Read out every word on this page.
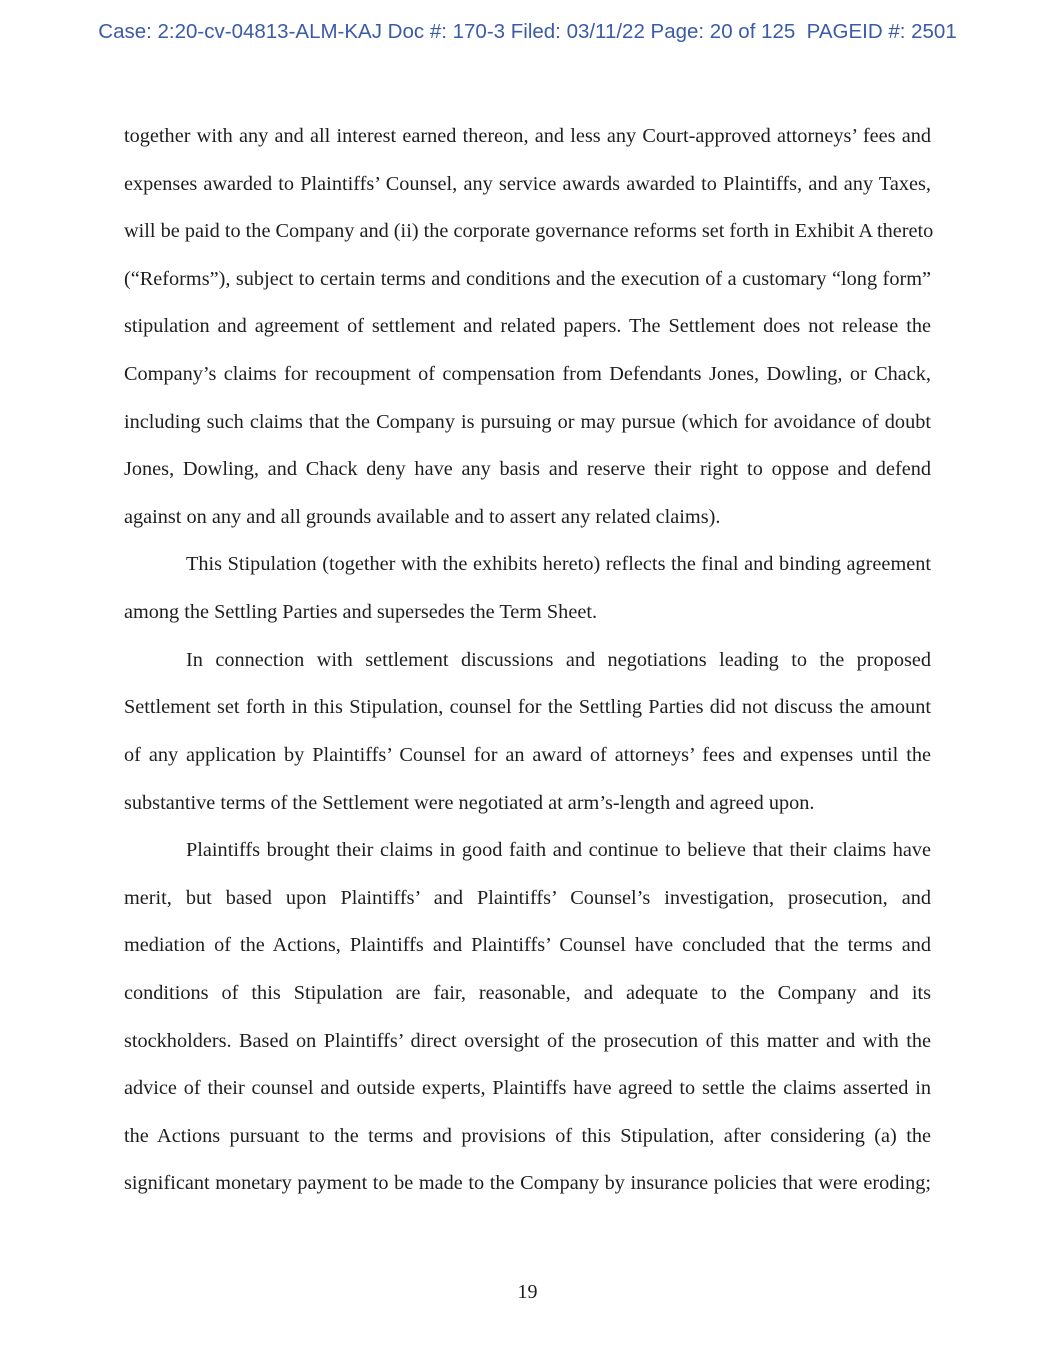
Case: 2:20-cv-04813-ALM-KAJ Doc #: 170-3 Filed: 03/11/22 Page: 20 of 125  PAGEID #: 2501
together with any and all interest earned thereon, and less any Court-approved attorneys’ fees and
expenses awarded to Plaintiffs’ Counsel, any service awards awarded to Plaintiffs, and any Taxes,
will be paid to the Company and (ii) the corporate governance reforms set forth in Exhibit A thereto
(“Reforms”), subject to certain terms and conditions and the execution of a customary “long form”
stipulation and agreement of settlement and related papers. The Settlement does not release the
Company’s claims for recoupment of compensation from Defendants Jones, Dowling, or Chack,
including such claims that the Company is pursuing or may pursue (which for avoidance of doubt
Jones, Dowling, and Chack deny have any basis and reserve their right to oppose and defend
against on any and all grounds available and to assert any related claims).
This Stipulation (together with the exhibits hereto) reflects the final and binding agreement
among the Settling Parties and supersedes the Term Sheet.
In connection with settlement discussions and negotiations leading to the proposed
Settlement set forth in this Stipulation, counsel for the Settling Parties did not discuss the amount
of any application by Plaintiffs’ Counsel for an award of attorneys’ fees and expenses until the
substantive terms of the Settlement were negotiated at arm’s-length and agreed upon.
Plaintiffs brought their claims in good faith and continue to believe that their claims have
merit, but based upon Plaintiffs’ and Plaintiffs’ Counsel’s investigation, prosecution, and
mediation of the Actions, Plaintiffs and Plaintiffs’ Counsel have concluded that the terms and
conditions of this Stipulation are fair, reasonable, and adequate to the Company and its
stockholders. Based on Plaintiffs’ direct oversight of the prosecution of this matter and with the
advice of their counsel and outside experts, Plaintiffs have agreed to settle the claims asserted in
the Actions pursuant to the terms and provisions of this Stipulation, after considering (a) the
significant monetary payment to be made to the Company by insurance policies that were eroding;
19
